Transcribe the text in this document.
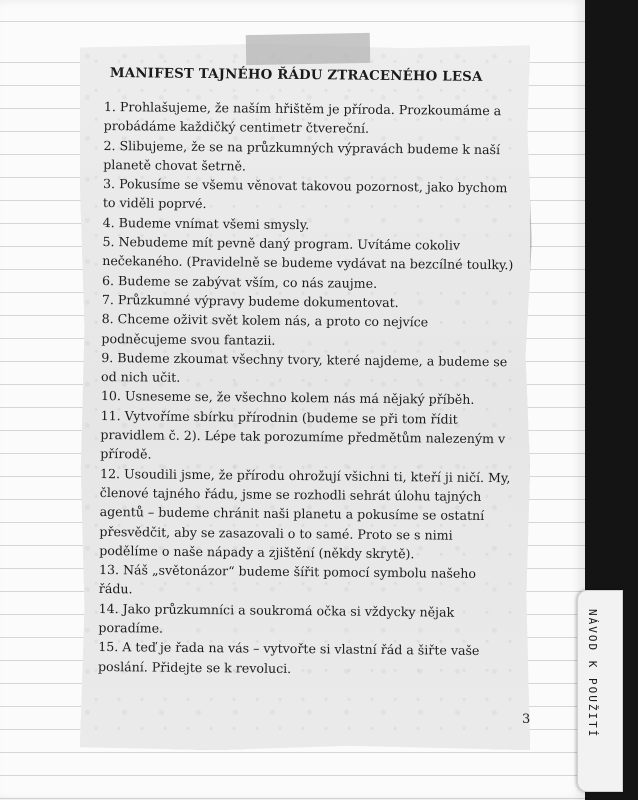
NÁVOD K POUŽITÍ
MANIFEST TAJNÉHO ŘÁDU ZTRACENÉHO LESA
1. Prohlašujeme, že naším hřištěm je příroda. Prozkoumáme a probádáme každičký centimetr čtvereční.
2. Slibujeme, že se na průzkumných výpravách budeme k naší planetě chovat šetrně.
3. Pokusíme se všemu věnovat takovou pozornost, jako bychom to viděli poprvé.
4. Budeme vnímat všemi smysly.
5. Nebudeme mít pevně daný program. Uvítáme cokoliv nečekaného. (Pravidelně se budeme vydávat na bezcílné toulky.)
6. Budeme se zabývat vším, co nás zaujme.
7. Průzkumné výpravy budeme dokumentovat.
8. Chceme oživit svět kolem nás, a proto co nejvíce podněcujeme svou fantazii.
9. Budeme zkoumat všechny tvory, které najdeme, a budeme se od nich učit.
10. Usneseme se, že všechno kolem nás má nějaký příběh.
11. Vytvoříme sbírku přírodnin (budeme se při tom řídit pravidlem č. 2). Lépe tak porozumíme předmětům nalezeným v přírodě.
12. Usoudili jsme, že přírodu ohrožují všichni ti, kteří ji ničí. My, členové tajného řádu, jsme se rozhodli sehrát úlohu tajných agentů – budeme chránit naši planetu a pokusíme se ostatní přesvědčit, aby se zasazovali o to samé. Proto se s nimi podělíme o naše nápady a zjištění (někdy skrytě).
13. Náš „světonázor“ budeme šířit pomocí symbolu našeho řádu.
14. Jako průzkumníci a soukromá očka si vždycky nějak poradíme.
15. A teď je řada na vás – vytvořte si vlastní řád a šiřte vaše poslání. Přidejte se k revoluci.
3
